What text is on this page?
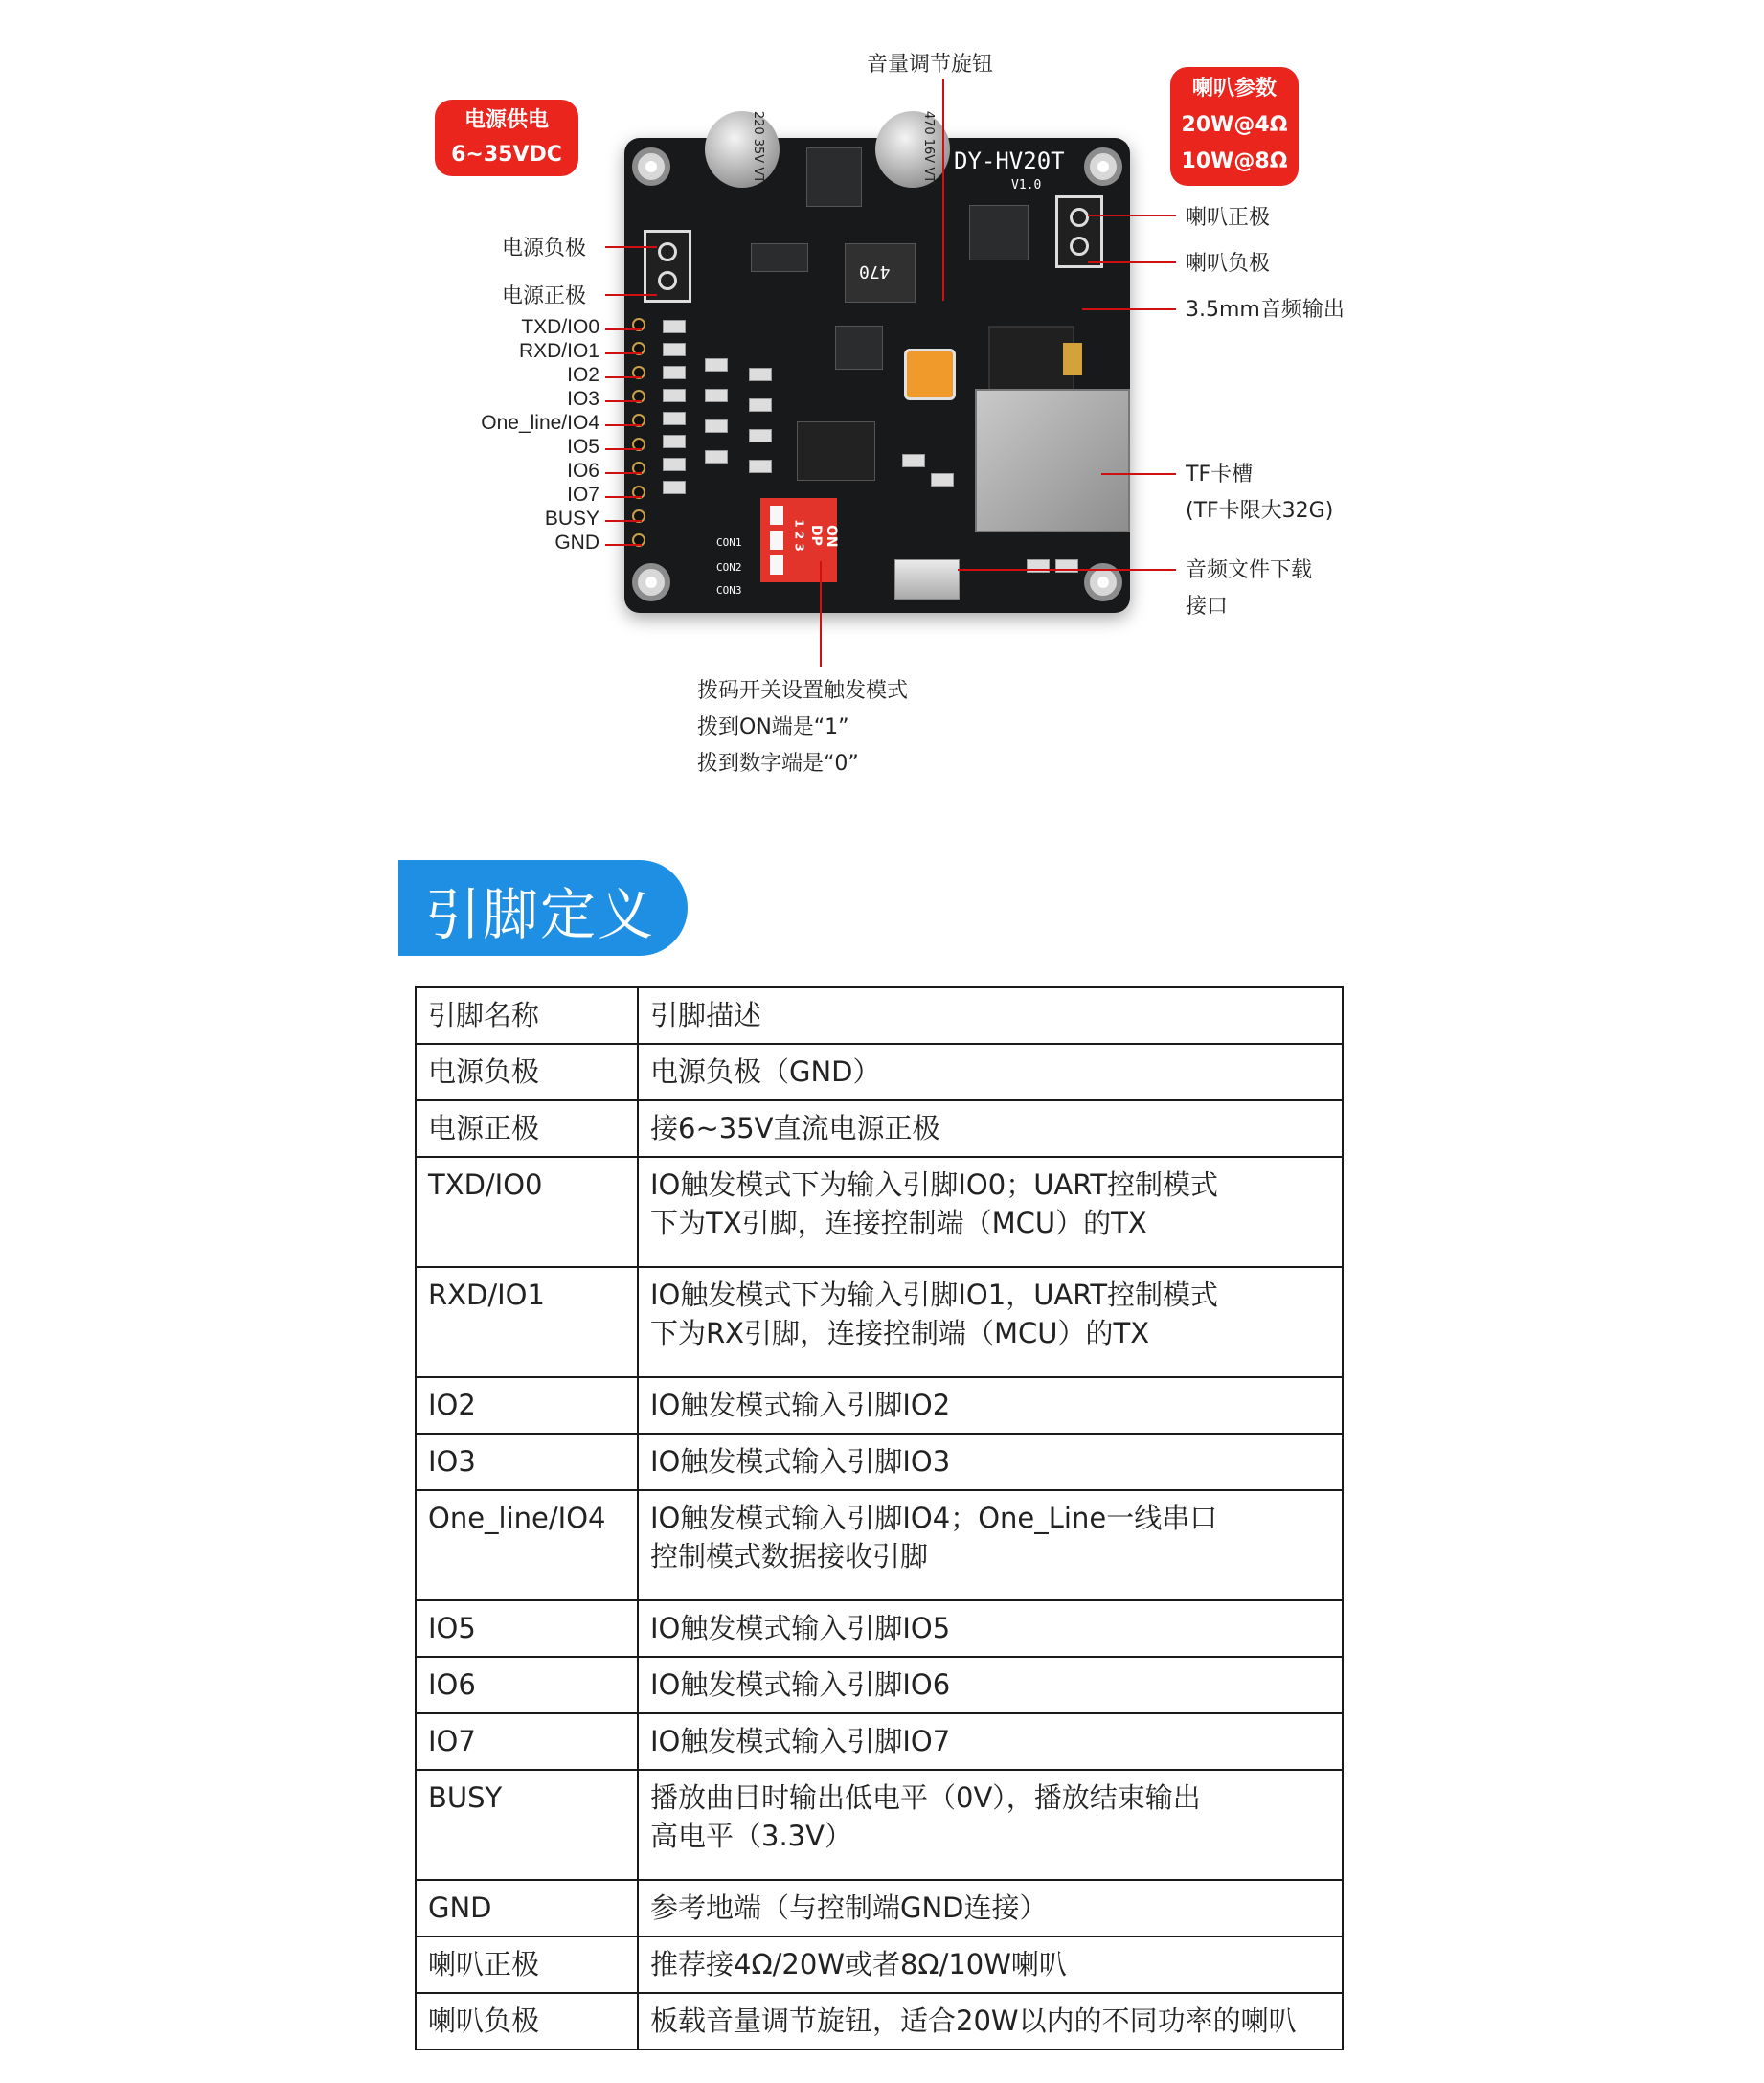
220 35V VT	470 16V VT
470
DY-HV20T
V1.0
ON DP
1 2 3
CON1
CON2
CON3
音量调节旋钮
电源供电
6~35VDC
喇叭参数
20W@4Ω
10W@8Ω
电源负极
电源正极
TXD/IO0
RXD/IO1
IO2
IO3
One_line/IO4
IO5
IO6
IO7
BUSY
GND
喇叭正极
喇叭负极
3.5mm音频输出
TF卡槽
(TF卡限大32G)
音频文件下载
接口
拨码开关设置触发模式
拨到ON端是“1”
拨到数字端是“0”
引脚定义
引脚名称	引脚描述
电源负极	电源负极（GND）
电源正极	接6~35V直流电源正极
TXD/IO0	IO触发模式下为输入引脚IO0；UART控制模式
下为TX引脚，连接控制端（MCU）的TX

RXD/IO1	IO触发模式下为输入引脚IO1，UART控制模式
下为RX引脚，连接控制端（MCU）的TX

IO2	IO触发模式输入引脚IO2
IO3	IO触发模式输入引脚IO3
One_line/IO4	IO触发模式输入引脚IO4；One_Line一线串口
控制模式数据接收引脚

IO5	IO触发模式输入引脚IO5
IO6	IO触发模式输入引脚IO6
IO7	IO触发模式输入引脚IO7
BUSY	播放曲目时输出低电平（0V），播放结束输出
高电平（3.3V）

GND	参考地端（与控制端GND连接）
喇叭正极	推荐接4Ω/20W或者8Ω/10W喇叭
喇叭负极	板载音量调节旋钮，适合20W以内的不同功率的喇叭
